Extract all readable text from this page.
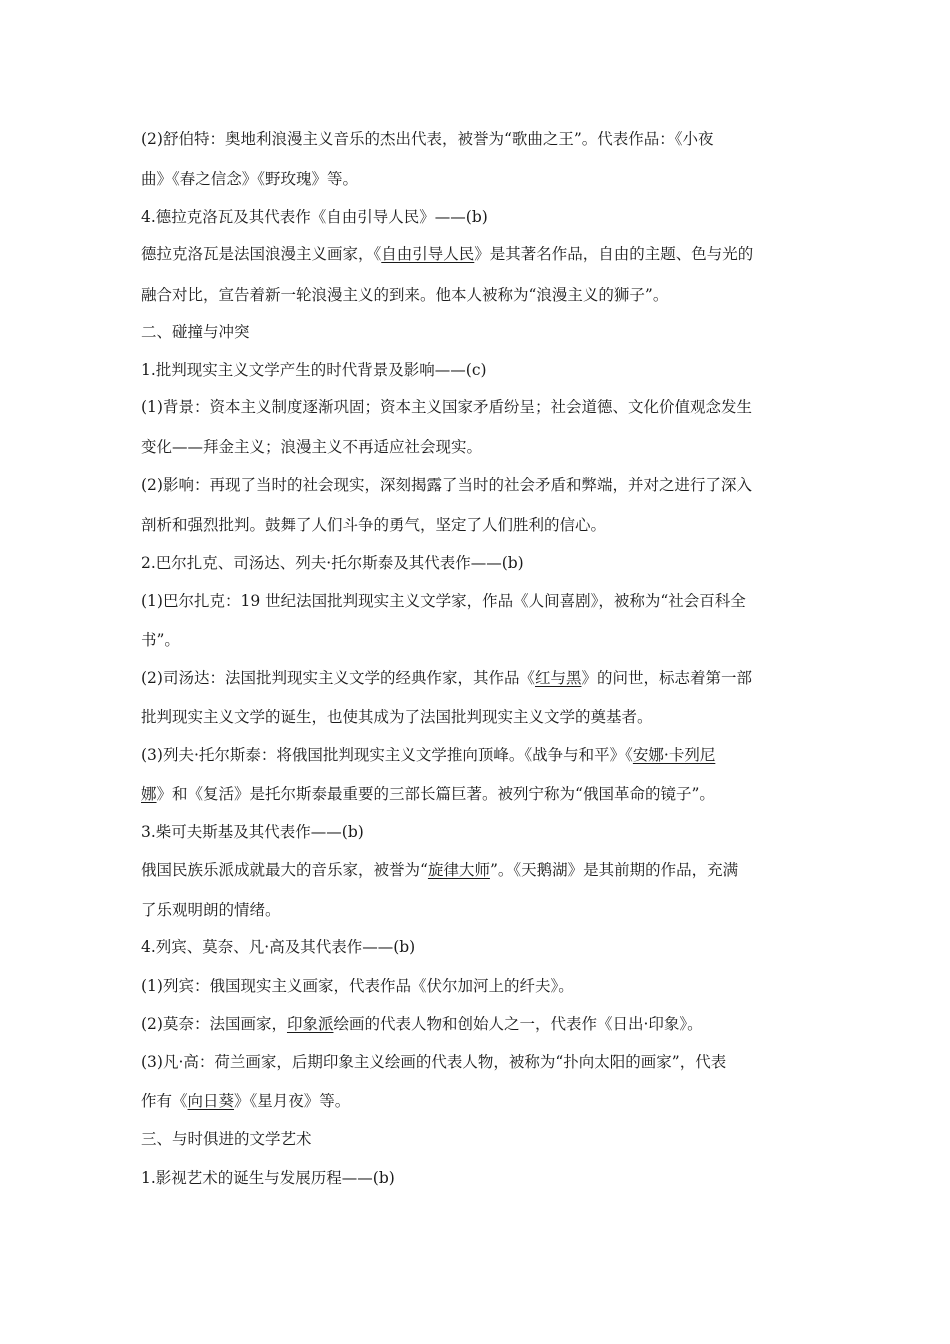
(2)舒伯特：奥地利浪漫主义音乐的杰出代表，被誉为“歌曲之王”。代表作品：《小夜
曲》《春之信念》《野玫瑰》等。
4.德拉克洛瓦及其代表作《自由引导人民》——(b)
德拉克洛瓦是法国浪漫主义画家，《自由引导人民》是其著名作品，自由的主题、色与光的
融合对比，宣告着新一轮浪漫主义的到来。他本人被称为“浪漫主义的狮子”。
二、碰撞与冲突
1.批判现实主义文学产生的时代背景及影响——(c)
(1)背景：资本主义制度逐渐巩固；资本主义国家矛盾纷呈；社会道德、文化价值观念发生
变化——拜金主义；浪漫主义不再适应社会现实。
(2)影响：再现了当时的社会现实，深刻揭露了当时的社会矛盾和弊端，并对之进行了深入
剖析和强烈批判。鼓舞了人们斗争的勇气，坚定了人们胜利的信心。
2.巴尔扎克、司汤达、列夫·托尔斯泰及其代表作——(b)
(1)巴尔扎克：19 世纪法国批判现实主义文学家，作品《人间喜剧》，被称为“社会百科全
书”。
(2)司汤达：法国批判现实主义文学的经典作家，其作品《红与黑》的问世，标志着第一部
批判现实主义文学的诞生，也使其成为了法国批判现实主义文学的奠基者。
(3)列夫·托尔斯泰：将俄国批判现实主义文学推向顶峰。《战争与和平》《安娜·卡列尼
娜》和《复活》是托尔斯泰最重要的三部长篇巨著。被列宁称为“俄国革命的镜子”。
3.柴可夫斯基及其代表作——(b)
俄国民族乐派成就最大的音乐家，被誉为“旋律大师”。《天鹅湖》是其前期的作品，充满
了乐观明朗的情绪。
4.列宾、莫奈、凡·高及其代表作——(b)
(1)列宾：俄国现实主义画家，代表作品《伏尔加河上的纤夫》。
(2)莫奈：法国画家，印象派绘画的代表人物和创始人之一，代表作《日出·印象》。
(3)凡·高：荷兰画家，后期印象主义绘画的代表人物，被称为“扑向太阳的画家”，代表
作有《向日葵》《星月夜》等。
三、与时俱进的文学艺术
1.影视艺术的诞生与发展历程——(b)
